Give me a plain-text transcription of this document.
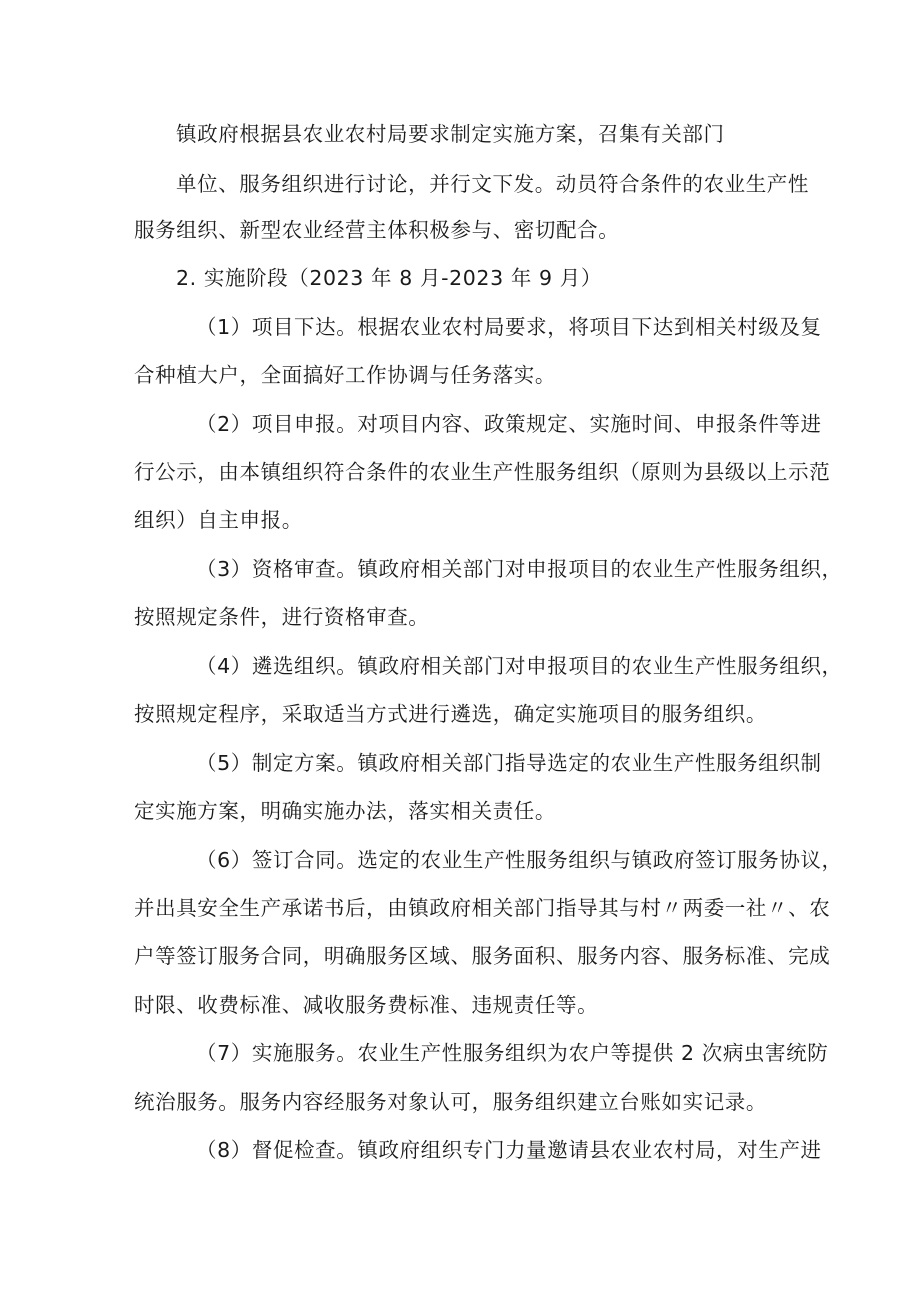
镇政府根据县农业农村局要求制定实施方案，召集有关部门
单位、服务组织进行讨论，并行文下发。动员符合条件的农业生产性
服务组织、新型农业经营主体积极参与、密切配合。
2. 实施阶段（2023 年 8 月-2023 年 9 月）
（1）项目下达。根据农业农村局要求，将项目下达到相关村级及复
合种植大户，全面搞好工作协调与任务落实。
（2）项目申报。对项目内容、政策规定、实施时间、申报条件等进
行公示，由本镇组织符合条件的农业生产性服务组织（原则为县级以上示范
组织）自主申报。
（3）资格审查。镇政府相关部门对申报项目的农业生产性服务组织，
按照规定条件，进行资格审查。
（4）遴选组织。镇政府相关部门对申报项目的农业生产性服务组织，
按照规定程序，采取适当方式进行遴选，确定实施项目的服务组织。
（5）制定方案。镇政府相关部门指导选定的农业生产性服务组织制
定实施方案，明确实施办法，落实相关责任。
（6）签订合同。选定的农业生产性服务组织与镇政府签订服务协议，
并出具安全生产承诺书后，由镇政府相关部门指导其与村〃两委一社〃、农
户等签订服务合同，明确服务区域、服务面积、服务内容、服务标准、完成
时限、收费标准、减收服务费标准、违规责任等。
（7）实施服务。农业生产性服务组织为农户等提供 2 次病虫害统防
统治服务。服务内容经服务对象认可，服务组织建立台账如实记录。
（8）督促检查。镇政府组织专门力量邀请县农业农村局，对生产进
